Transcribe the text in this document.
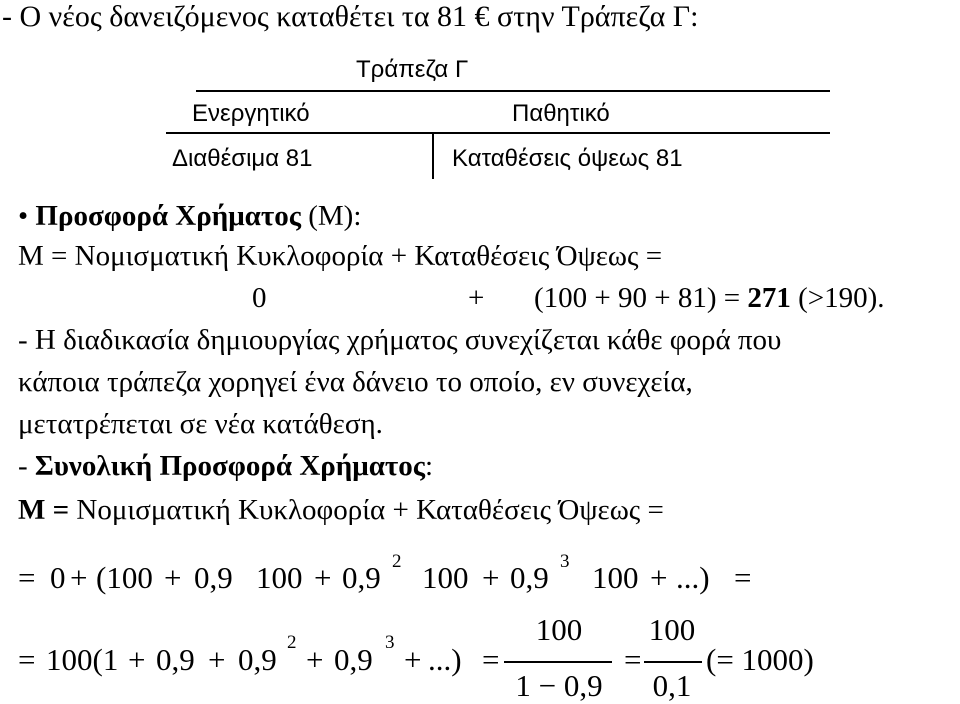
- Ο νέος δανειζόμενος καταθέτει τα 81 € στην Τράπεζα Γ:
Τράπεζα Γ
Ενεργητικό	Παθητικό
Διαθέσιμα 81	Καταθέσεις όψεως 81
• Προσφορά Χρήματος (Μ):
Μ = Νομισματική Κυκλοφορία + Καταθέσεις Όψεως =
0	+ (100 + 90 + 81) = 271 (>190).
- Η διαδικασία δημιουργίας χρήματος συνεχίζεται κάθε φορά που
κάποια τράπεζα χορηγεί ένα δάνειο το οποίο, εν συνεχεία,
μετατρέπεται σε νέα κατάθεση.
- Συνολική Προσφορά Χρήματος:
Μ = Νομισματική Κυκλοφορία + Καταθέσεις Όψεως =
= 0 + (100 + 0,9 100 + 0,9 2 100 + 0,9 3 100 + ...) =
= 100(1 + 0,9 + 0,9 2 + 0,9 3 + ...) =
100
1 − 0,9
=
100
0,1
(= 1000)
